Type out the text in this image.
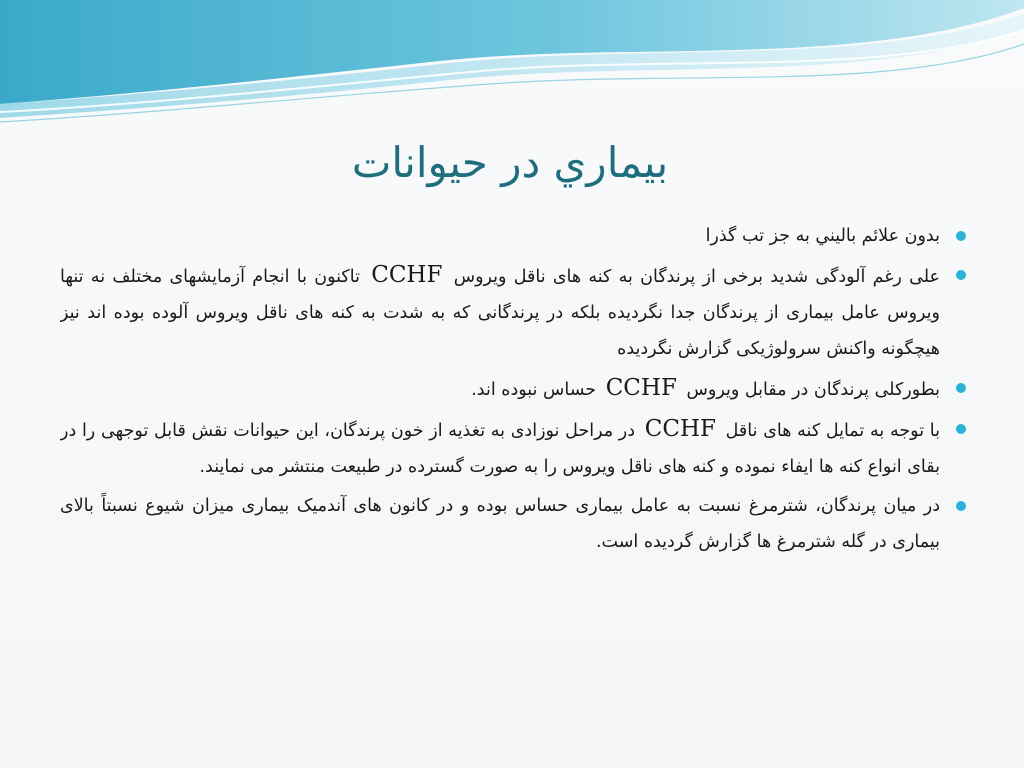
بيماري در حيوانات
بدون علائم باليني به جز تب گذرا
علی رغم آلودگی شدید برخی از پرندگان به کنه های ناقل ویروس CCHF تاکنون با انجام آزمایشهای مختلف نه تنها ویروس عامل بیماری از پرندگان جدا نگردیده بلکه در پرندگانی که به شدت به کنه های ناقل ویروس آلوده بوده اند نیز هیچگونه واکنش سرولوژیکی گزارش نگردیده
بطورکلی پرندگان در مقابل ویروس CCHF حساس نبوده اند.
با توجه به تمایل کنه های ناقل CCHF در مراحل نوزادی به تغذیه از خون پرندگان، این حیوانات نقش قابل توجهی را در بقای انواع کنه ها ایفاء نموده و کنه های ناقل ویروس را به صورت گسترده در طبیعت منتشر می نمایند.
در میان پرندگان، شترمرغ نسبت به عامل بیماری حساس بوده و در کانون های آندمیک بیماری میزان شیوع نسبتاً بالای بیماری در گله شترمرغ ها گزارش گردیده است.
